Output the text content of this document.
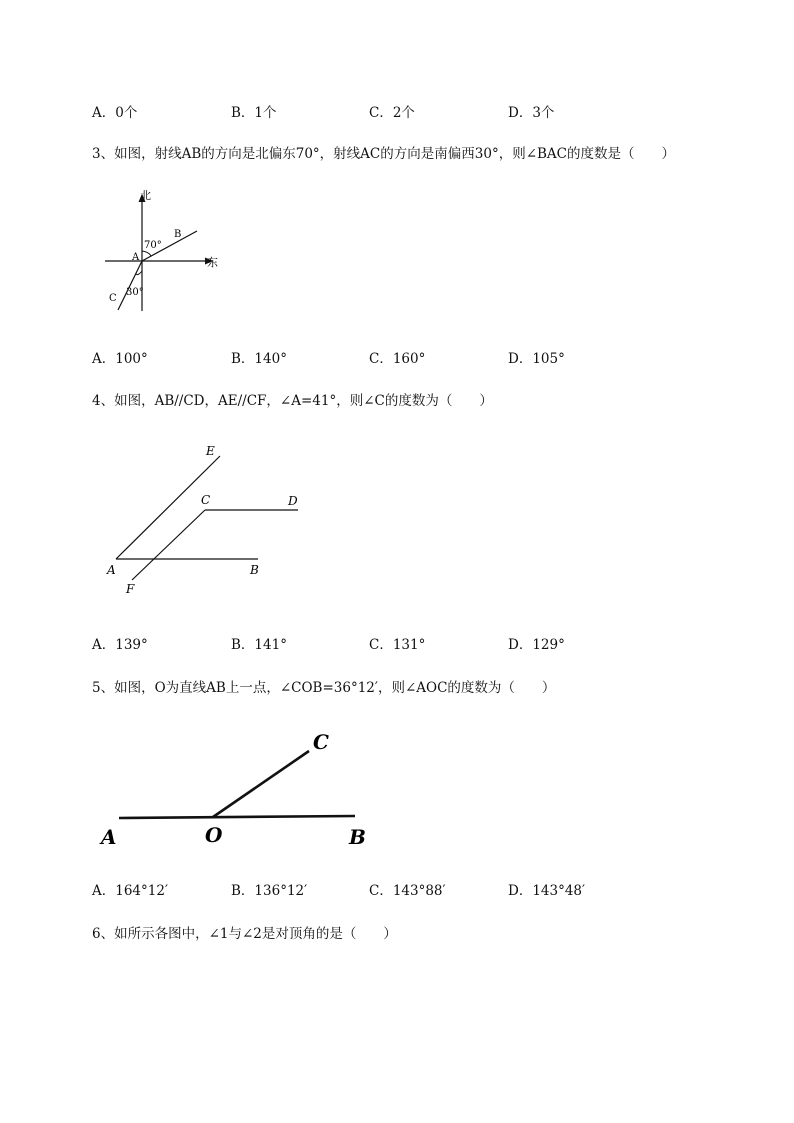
A．0个	B．1个	C．2个	D．3个
3、如图，射线AB的方向是北偏东70°，射线AC的方向是南偏西30°，则∠BAC的度数是（　　）
北
东
70°
30°
A
B
C
A．100°	B．140°	C．160°	D．105°
4、如图，AB//CD，AE//CF，∠A=41°，则∠C的度数为（　　）
E
C	D
A	B
F
A．139°	B．141°	C．131°	D．129°
5、如图，O为直线AB上一点，∠COB=36°12′，则∠AOC的度数为（　　）
A	O	B
C
A．164°12′	B．136°12′	C．143°88′	D．143°48′
6、如所示各图中，∠1与∠2是对顶角的是（　　）
